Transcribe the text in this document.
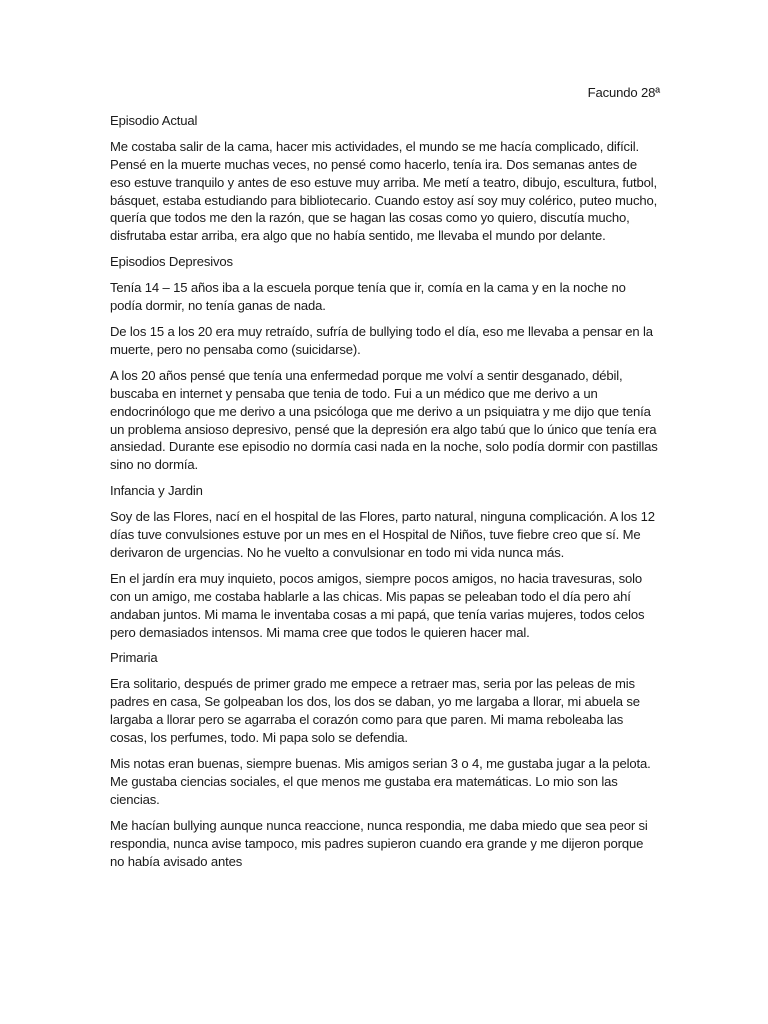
Facundo 28ª

Episodio Actual

Me costaba salir de la cama, hacer mis actividades, el mundo se me hacía complicado, difícil. Pensé en la muerte muchas veces, no pensé como hacerlo, tenía ira. Dos semanas antes de eso estuve tranquilo y antes de eso estuve muy arriba. Me metí a teatro, dibujo, escultura, futbol, básquet, estaba estudiando para bibliotecario. Cuando estoy así soy muy colérico, puteo mucho, quería que todos me den la razón, que se hagan las cosas como yo quiero, discutía mucho, disfrutaba estar arriba, era algo que no había sentido, me llevaba el mundo por delante.

Episodios Depresivos

Tenía 14 – 15 años iba a la escuela porque tenía que ir, comía en la cama y en la noche no podía dormir, no tenía ganas de nada.

De los 15 a los 20 era muy retraído, sufría de bullying todo el día, eso me llevaba a pensar en la muerte, pero no pensaba como (suicidarse).

A los 20 años pensé que tenía una enfermedad porque me volví a sentir desganado, débil, buscaba en internet y pensaba que tenia de todo. Fui a un médico que me derivo a un endocrinólogo que me derivo a una psicóloga que me derivo a un psiquiatra y me dijo que tenía un problema ansioso depresivo, pensé que la depresión era algo tabú que lo único que tenía era ansiedad. Durante ese episodio no dormía casi nada en la noche, solo podía dormir con pastillas sino no dormía.

Infancia y Jardin

Soy de las Flores, nací en el hospital de las Flores, parto natural, ninguna complicación. A los 12 días tuve convulsiones estuve por un mes en el Hospital de Niños, tuve fiebre creo que sí. Me derivaron de urgencias. No he vuelto a convulsionar en todo mi vida nunca más.

En el jardín era muy inquieto, pocos amigos, siempre pocos amigos, no hacia travesuras, solo con un amigo, me costaba hablarle a las chicas. Mis papas se peleaban todo el día pero ahí andaban juntos. Mi mama le inventaba cosas a mi papá, que tenía varias mujeres, todos celos pero demasiados intensos. Mi mama cree que todos le quieren hacer mal.

Primaria

Era solitario, después de primer grado me empece a retraer mas, seria por las peleas de mis padres en casa, Se golpeaban los dos, los dos se daban, yo me largaba a llorar, mi abuela se largaba a llorar pero se agarraba el corazón como para que paren. Mi mama reboleaba las cosas, los perfumes, todo. Mi papa solo se defendia.

Mis notas eran buenas, siempre buenas. Mis amigos serian 3 o 4, me gustaba jugar a la pelota. Me gustaba ciencias sociales, el que menos me gustaba era matemáticas. Lo mio son las ciencias.

Me hacían bullying aunque nunca reaccione, nunca respondia, me daba miedo que sea peor si respondia, nunca avise tampoco, mis padres supieron cuando era grande y me dijeron porque no había avisado antes
